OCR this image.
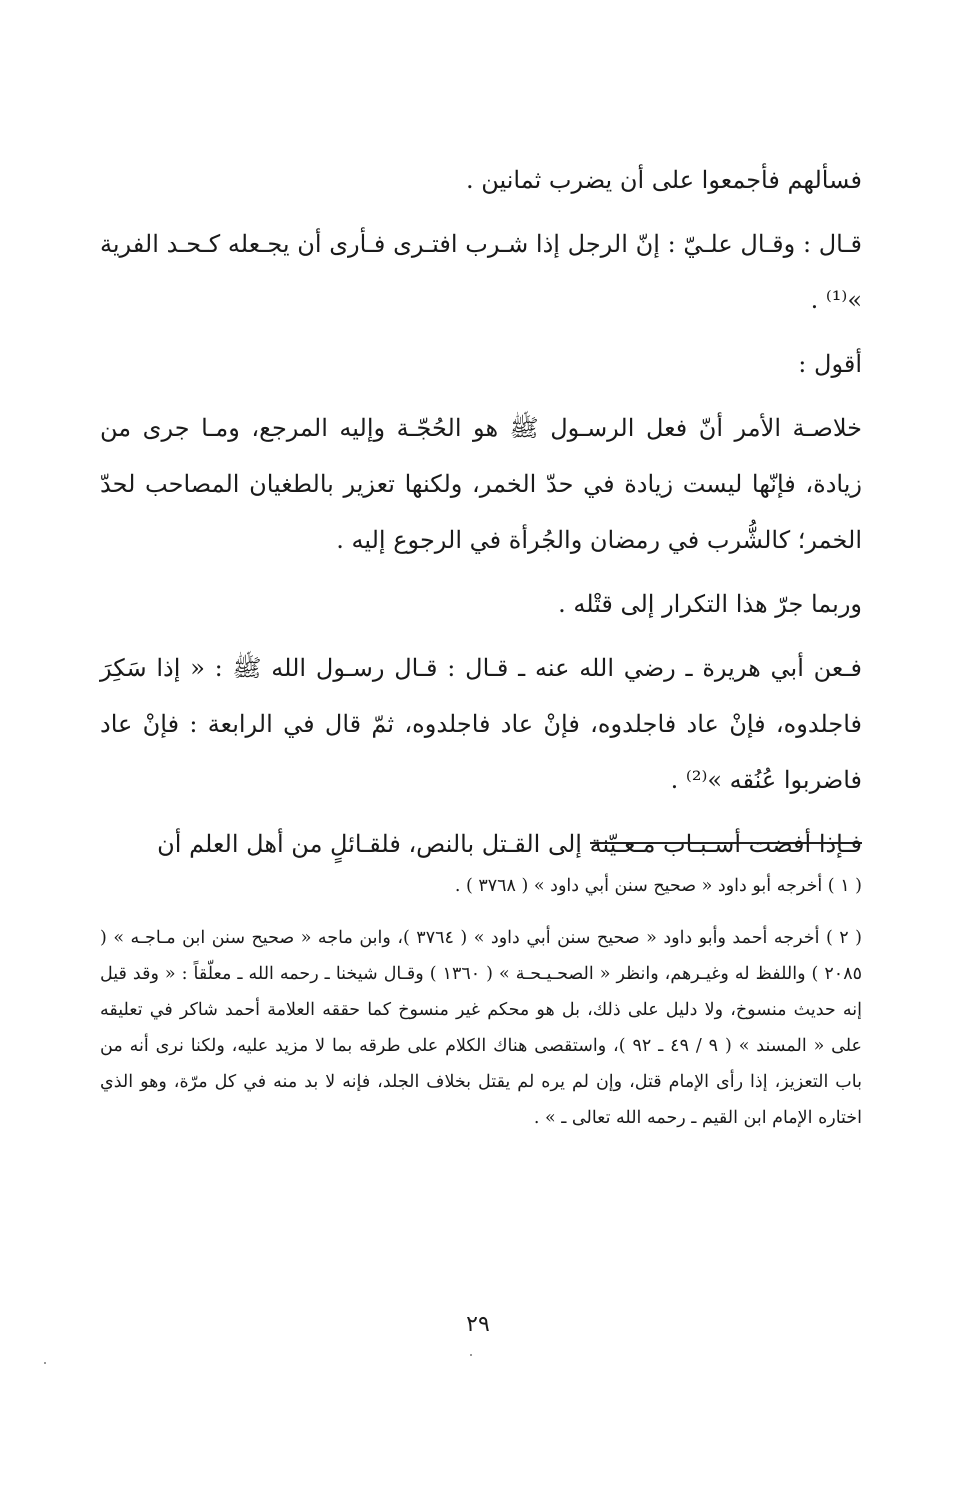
فسألهم فأجمعوا على أن يضرب ثمانين .

قـال : وقـال علـيّ : إنّ الرجل إذا شـرب افتـرى فـأرى أن يجـعله كـحـد الفرية »⁽¹⁾ .

أقول :

خلاصـة الأمر أنّ فعل الرسـول ﷺ هو الحُجّـة وإليه المرجع، ومـا جرى من زيادة، فإنّها ليست زيادة في حدّ الخمر، ولكنها تعزير بالطغيان المصاحب لحدّ الخمر؛ كالشُّرب في رمضان والجُرأة في الرجوع إليه .

وربما جرّ هذا التكرار إلى قتْله .

فـعن أبي هريرة ـ رضي الله عنه ـ قـال : قـال رسـول الله ﷺ : « إذا سَكِرَ فاجلدوه، فإنْ عاد فاجلدوه، فإنْ عاد فاجلدوه، ثمّ قال في الرابعة : فإنْ عاد فاضربوا عُنُقه »⁽²⁾ .

فـإذا أفضت أسـبـاب مـعـيّنة إلى القـتل بالنص، فلقـائلٍ من أهل العلم أن

( ١ ) أخرجه أبو داود « صحيح سنن أبي داود » ( ٣٧٦٨ ) .

( ٢ ) أخرجه أحمد وأبو داود « صحيح سنن أبي داود » ( ٣٧٦٤ )، وابن ماجه « صحيح سنن ابن مـاجـه » ( ٢٠٨٥ ) واللفظ له وغيـرهم، وانظر « الصحـيـحـة » ( ١٣٦٠ ) وقـال شيخنا ـ رحمه الله ـ معلّقاً : « وقد قيل إنه حديث منسوخ، ولا دليل على ذلك، بل هو محكم غير منسوخ كما حققه العلامة أحمد شاكر في تعليقه على « المسند » ( ٩ / ٤٩ ـ ٩٢ )، واستقصى هناك الكلام على طرقه بما لا مزيد عليه، ولكنا نرى أنه من باب التعزيز، إذا رأى الإمام قتل، وإن لم يره لم يقتل بخلاف الجلد، فإنه لا بد منه في كل مرّة، وهو الذي اختاره الإمام ابن القيم ـ رحمه الله تعالى ـ » .

٢٩
